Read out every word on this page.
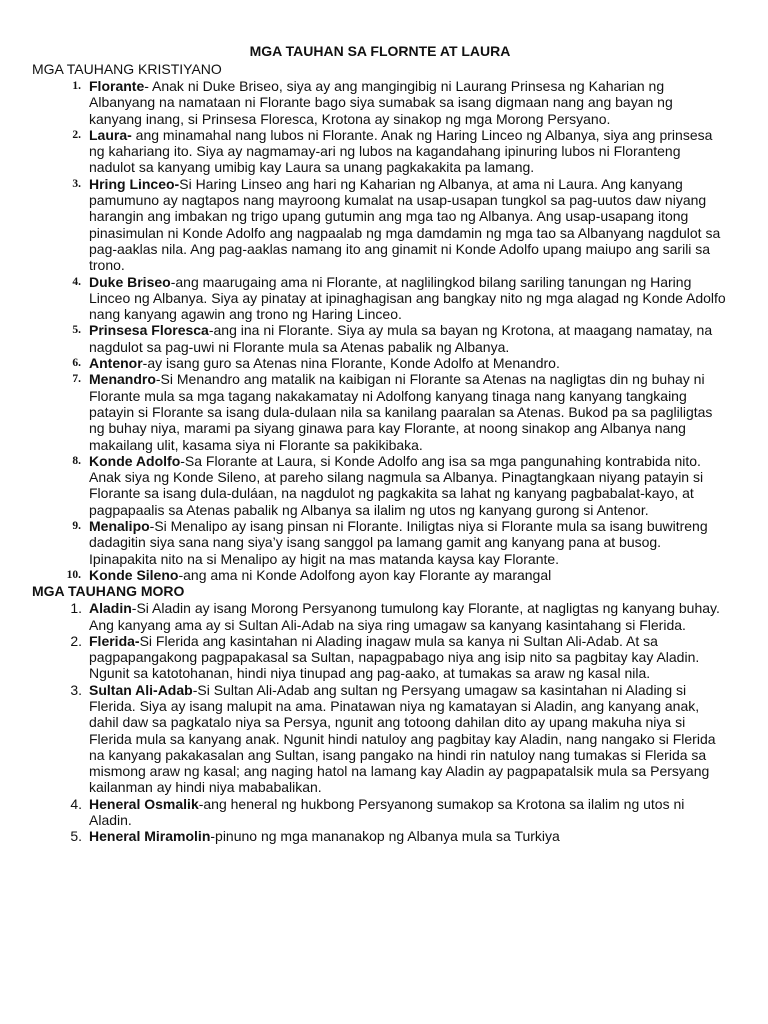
MGA TAUHAN SA FLORNTE AT LAURA
MGA TAUHANG KRISTIYANO
1. Florante- Anak ni Duke Briseo, siya ay ang mangingibig ni Laurang Prinsesa ng Kaharian ng Albanyang na namataan ni Florante bago siya sumabak sa isang digmaan nang ang bayan ng kanyang inang, si Prinsesa Floresca, Krotona ay sinakop ng mga Morong Persyano.
2. Laura- ang minamahal nang lubos ni Florante. Anak ng Haring Linceo ng Albanya, siya ang prinsesa ng kahariang ito. Siya ay nagmamay-ari ng lubos na kagandahang ipinuring lubos ni Floranteng nadulot sa kanyang umibig kay Laura sa unang pagkakakita pa lamang.
3. Hring Linceo-Si Haring Linseo ang hari ng Kaharian ng Albanya, at ama ni Laura. Ang kanyang pamumuno ay nagtapos nang mayroong kumalat na usap-usapan tungkol sa pag-uutos daw niyang harangin ang imbakan ng trigo upang gutumin ang mga tao ng Albanya. Ang usap-usapang itong pinasimulan ni Konde Adolfo ang nagpaalab ng mga damdamin ng mga tao sa Albanyang nagdulot sa pag-aaklas nila. Ang pag-aaklas namang ito ang ginamit ni Konde Adolfo upang maiupo ang sarili sa trono.
4. Duke Briseo-ang maarugaing ama ni Florante, at naglilingkod bilang sariling tanungan ng Haring Linceo ng Albanya. Siya ay pinatay at ipinaghagisan ang bangkay nito ng mga alagad ng Konde Adolfo nang kanyang agawin ang trono ng Haring Linceo.
5. Prinsesa Floresca-ang ina ni Florante. Siya ay mula sa bayan ng Krotona, at maagang namatay, na nagdulot sa pag-uwi ni Florante mula sa Atenas pabalik ng Albanya.
6. Antenor-ay isang guro sa Atenas nina Florante, Konde Adolfo at Menandro.
7. Menandro-Si Menandro ang matalik na kaibigan ni Florante sa Atenas na nagligtas din ng buhay ni Florante mula sa mga tagang nakakamatay ni Adolfong kanyang tinaga nang kanyang tangkaing patayin si Florante sa isang dula-dulaan nila sa kanilang paaralan sa Atenas. Bukod pa sa pagliligtas ng buhay niya, marami pa siyang ginawa para kay Florante, at noong sinakop ang Albanya nang makailang ulit, kasama siya ni Florante sa pakikibaka.
8. Konde Adolfo-Sa Florante at Laura, si Konde Adolfo ang isa sa mga pangunahing kontrabida nito. Anak siya ng Konde Sileno, at pareho silang nagmula sa Albanya. Pinagtangkaan niyang patayin si Florante sa isang dula-duláan, na nagdulot ng pagkakita sa lahat ng kanyang pagbabalat-kayo, at pagpapaalis sa Atenas pabalik ng Albanya sa ilalim ng utos ng kanyang gurong si Antenor.
9. Menalipo-Si Menalipo ay isang pinsan ni Florante. Iniligtas niya si Florante mula sa isang buwitreng dadagitin siya sana nang siya’y isang sanggol pa lamang gamit ang kanyang pana at busog. Ipinapakita nito na si Menalipo ay higit na mas matanda kaysa kay Florante.
10. Konde Sileno-ang ama ni Konde Adolfong ayon kay Florante ay marangal
MGA TAUHANG MORO
1. Aladin-Si Aladin ay isang Morong Persyanong tumulong kay Florante, at nagligtas ng kanyang buhay. Ang kanyang ama ay si Sultan Ali-Adab na siya ring umagaw sa kanyang kasintahang si Flerida.
2. Flerida-Si Flerida ang kasintahan ni Alading inagaw mula sa kanya ni Sultan Ali-Adab. At sa pagpapangakong pagpapakasal sa Sultan, napagpabago niya ang isip nito sa pagbitay kay Aladin. Ngunit sa katotohanan, hindi niya tinupad ang pag-aako, at tumakas sa araw ng kasal nila.
3. Sultan Ali-Adab-Si Sultan Ali-Adab ang sultan ng Persyang umagaw sa kasintahan ni Alading si Flerida. Siya ay isang malupit na ama. Pinatawan niya ng kamatayan si Aladin, ang kanyang anak, dahil daw sa pagkatalo niya sa Persya, ngunit ang totoong dahilan dito ay upang makuha niya si Flerida mula sa kanyang anak. Ngunit hindi natuloy ang pagbitay kay Aladin, nang nangako si Flerida na kanyang pakakasalan ang Sultan, isang pangako na hindi rin natuloy nang tumakas si Flerida sa mismong araw ng kasal; ang naging hatol na lamang kay Aladin ay pagpapatalsik mula sa Persyang kailanman ay hindi niya mababalikan.
4. Heneral Osmalik-ang heneral ng hukbong Persyanong sumakop sa Krotona sa ilalim ng utos ni Aladin.
5. Heneral Miramolin-pinuno ng mga mananakop ng Albanya mula sa Turkiya
